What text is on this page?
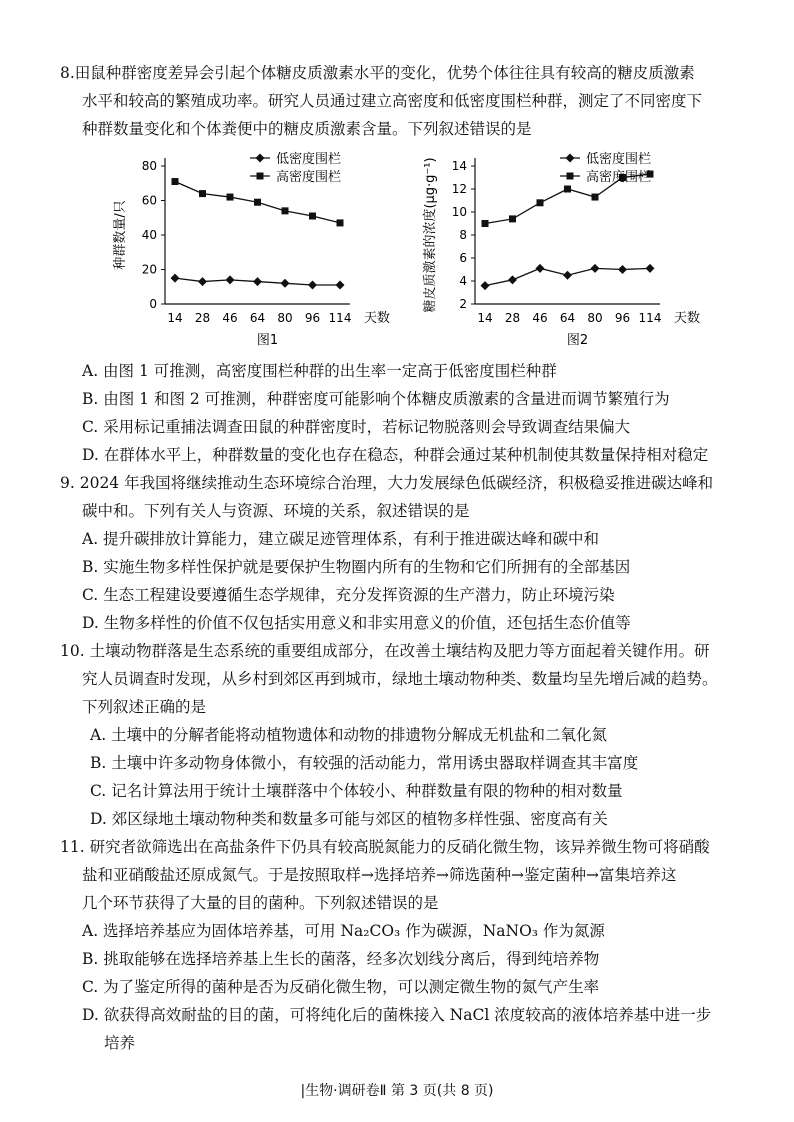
8.田鼠种群密度差异会引起个体糖皮质激素水平的变化，优势个体往往具有较高的糖皮质激素
水平和较高的繁殖成功率。研究人员通过建立高密度和低密度围栏种群，测定了不同密度下
种群数量变化和个体粪便中的糖皮质激素含量。下列叙述错误的是
0
20
40
60
80
14 28 46 64 80 96 114 天数
种群数量/只
低密度围栏
高密度围栏
图1
2
4
6
8
10
12
14
14 28 46 64 80 96 114 天数
糖皮质激素的浓度(μg·g⁻¹)	低密度围栏
高密度围栏
图2
A. 由图 1 可推测，高密度围栏种群的出生率一定高于低密度围栏种群
B. 由图 1 和图 2 可推测，种群密度可能影响个体糖皮质激素的含量进而调节繁殖行为
C. 采用标记重捕法调查田鼠的种群密度时，若标记物脱落则会导致调查结果偏大
D. 在群体水平上，种群数量的变化也存在稳态，种群会通过某种机制使其数量保持相对稳定
9. 2024 年我国将继续推动生态环境综合治理，大力发展绿色低碳经济，积极稳妥推进碳达峰和
碳中和。下列有关人与资源、环境的关系，叙述错误的是
A. 提升碳排放计算能力，建立碳足迹管理体系，有利于推进碳达峰和碳中和
B. 实施生物多样性保护就是要保护生物圈内所有的生物和它们所拥有的全部基因
C. 生态工程建设要遵循生态学规律，充分发挥资源的生产潜力，防止环境污染
D. 生物多样性的价值不仅包括实用意义和非实用意义的价值，还包括生态价值等
10. 土壤动物群落是生态系统的重要组成部分，在改善土壤结构及肥力等方面起着关键作用。研
究人员调查时发现，从乡村到郊区再到城市，绿地土壤动物种类、数量均呈先增后减的趋势。
下列叙述正确的是
A. 土壤中的分解者能将动植物遗体和动物的排遗物分解成无机盐和二氧化氮
B. 土壤中许多动物身体微小，有较强的活动能力，常用诱虫器取样调查其丰富度
C. 记名计算法用于统计土壤群落中个体较小、种群数量有限的物种的相对数量
D. 郊区绿地土壤动物种类和数量多可能与郊区的植物多样性强、密度高有关
11. 研究者欲筛选出在高盐条件下仍具有较高脱氮能力的反硝化微生物，该异养微生物可将硝酸
盐和亚硝酸盐还原成氮气。于是按照取样→选择培养→筛选菌种→鉴定菌种→富集培养这
几个环节获得了大量的目的菌种。下列叙述错误的是
A. 选择培养基应为固体培养基，可用 Na₂CO₃ 作为碳源，NaNO₃ 作为氮源
B. 挑取能够在选择培养基上生长的菌落，经多次划线分离后，得到纯培养物
C. 为了鉴定所得的菌种是否为反硝化微生物，可以测定微生物的氮气产生率
D. 欲获得高效耐盐的目的菌，可将纯化后的菌株接入 NaCl 浓度较高的液体培养基中进一步
培养
|生物·调研卷Ⅱ 第 3 页(共 8 页)
